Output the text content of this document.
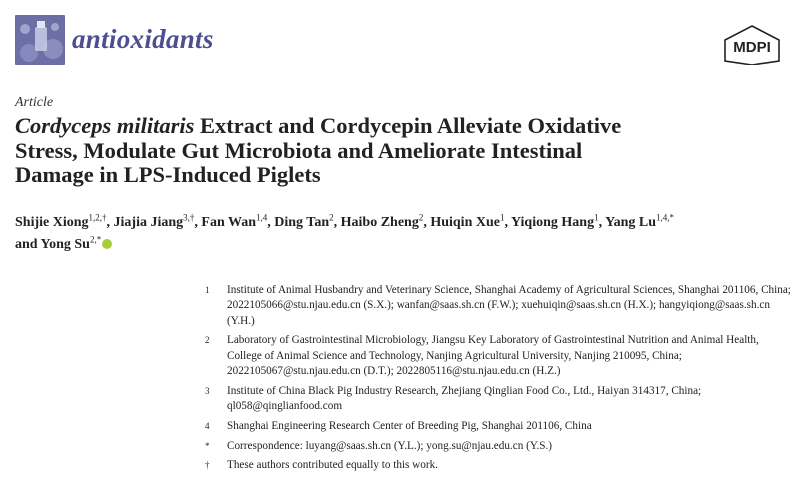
antioxidants	MDPI
Article
Cordyceps militaris Extract and Cordycepin Alleviate Oxidative
Stress, Modulate Gut Microbiota and Ameliorate Intestinal
Damage in LPS-Induced Piglets
Shijie Xiong$^{1,2,\dagger}$, Jiajia Jiang$^{3,\dagger}$, Fan Wan$^{1,4}$, Ding Tan$^2$, Haibo Zheng$^2$, Huiqin Xue$^1$, Yiqiong Hang$^1$, Yang $Lu^{1,4,*}$
and Yong $Su^{2,*}$
1	Institute of Animal Husbandry and Veterinary Science, Shanghai Academy of Agricultural Sciences, Shanghai 201106, China; 2022105066@stu.njau.edu.cn (S.X.); wanfan@saas.sh.cn (F.W.); xuehuiqin@saas.sh.cn (H.X.); hangyiqiong@saas.sh.cn (Y.H.)
2	Laboratory of Gastrointestinal Microbiology, Jiangsu Key Laboratory of Gastrointestinal Nutrition and Animal Health, College of Animal Science and Technology, Nanjing Agricultural University, Nanjing 210095, China; 2022105067@stu.njau.edu.cn (D.T.); 2022805116@stu.njau.edu.cn (H.Z.)
3	Institute of China Black Pig Industry Research, Zhejiang Qinglian Food Co., Ltd., Haiyan 314317, China; ql058@qinglianfood.com
4	Shanghai Engineering Research Center of Breeding Pig, Shanghai 201106, China
*	Correspondence: luyang@saas.sh.cn (Y.L.); yong.su@njau.edu.cn (Y.S.)
†	These authors contributed equally to this work.
